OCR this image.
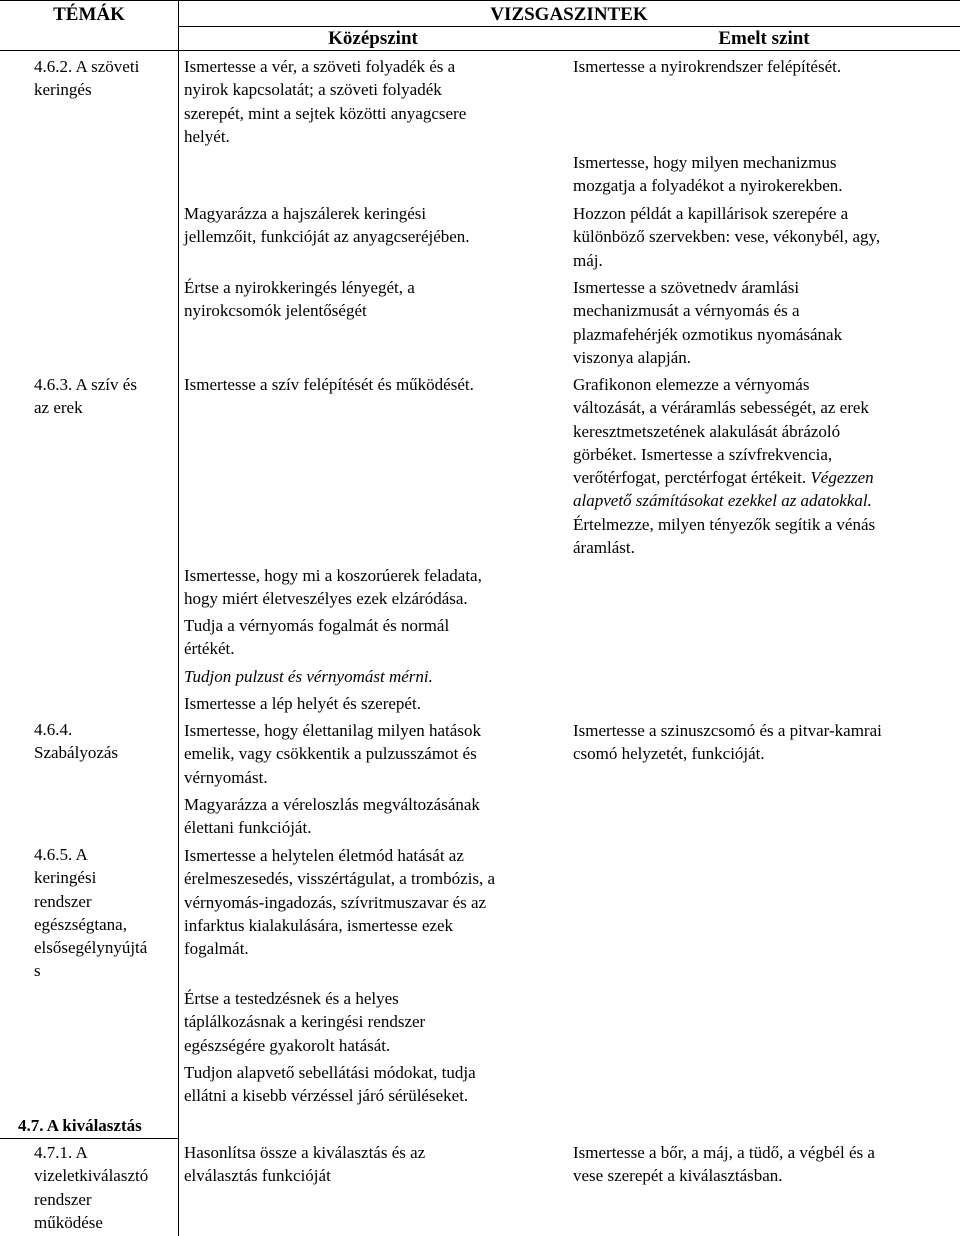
TÉMÁK	VIZSGASZINTEK
Középszint	Emelt szint
4.6.2. A szöveti
keringés
4.6.3. A szív és
az erek
4.6.4.
Szabályozás
4.6.5. A
keringési
rendszer
egészségtana,
elsősegélynyújtá
s
4.7. A kiválasztás
4.7.1. A
vizeletkiválasztó
rendszer
működése
Ismertesse a vér, a szöveti folyadék és a
nyirok kapcsolatát; a szöveti folyadék
szerepét, mint a sejtek közötti anyagcsere
helyét.
Magyarázza a hajszálerek keringési
jellemzőit, funkcióját az anyagcseréjében.
Értse a nyirokkeringés lényegét, a
nyirokcsomók jelentőségét
Ismertesse a szív felépítését és működését.
Ismertesse, hogy mi a koszorúerek feladata,
hogy miért életveszélyes ezek elzáródása.
Tudja a vérnyomás fogalmát és normál
értékét.
Tudjon pulzust és vérnyomást mérni.
Ismertesse a lép helyét és szerepét.
Ismertesse, hogy élettanilag milyen hatások
emelik, vagy csökkentik a pulzusszámot és
vérnyomást.
Magyarázza a véreloszlás megváltozásának
élettani funkcióját.
Ismertesse a helytelen életmód hatását az
érelmeszesedés, visszértágulat, a trombózis, a
vérnyomás-ingadozás, szívritmuszavar és az
infarktus kialakulására, ismertesse ezek
fogalmát.
Értse a testedzésnek és a helyes
táplálkozásnak a keringési rendszer
egészségére gyakorolt hatását.
Tudjon alapvető sebellátási módokat, tudja
ellátni a kisebb vérzéssel járó sérüléseket.
Hasonlítsa össze a kiválasztás és az
elválasztás funkcióját
Ismertesse a nyirokrendszer felépítését.
Ismertesse, hogy milyen mechanizmus
mozgatja a folyadékot a nyirokerekben.
Hozzon példát a kapillárisok szerepére a
különböző szervekben: vese, vékonybél, agy,
máj.
Ismertesse a szövetnedv áramlási
mechanizmusát a vérnyomás és a
plazmafehérjék ozmotikus nyomásának
viszonya alapján.
Grafikonon elemezze a vérnyomás
változását, a véráramlás sebességét, az erek
keresztmetszetének alakulását ábrázoló
görbéket. Ismertesse a szívfrekvencia,
verőtérfogat, perctérfogat értékeit. Végezzen
alapvető számításokat ezekkel az adatokkal.
Értelmezze, milyen tényezők segítik a vénás
áramlást.
Ismertesse a szinuszcsomó és a pitvar-kamrai
csomó helyzetét, funkcióját.
Ismertesse a bőr, a máj, a tüdő, a végbél és a
vese szerepét a kiválasztásban.
